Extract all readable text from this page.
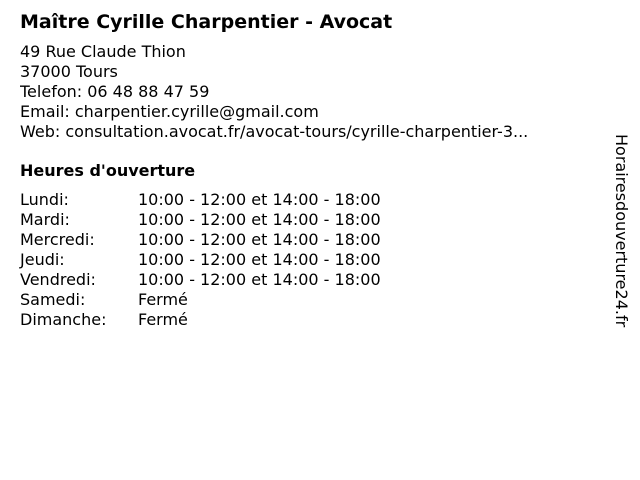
Maître Cyrille Charpentier - Avocat
49 Rue Claude Thion
37000 Tours
Telefon: 06 48 88 47 59
Email: charpentier.cyrille@gmail.com
Web: consultation.avocat.fr/avocat-tours/cyrille-charpentier-3...
Heures d'ouverture
Lundi:	10:00 - 12:00 et 14:00 - 18:00
Mardi:	10:00 - 12:00 et 14:00 - 18:00
Mercredi:	10:00 - 12:00 et 14:00 - 18:00
Jeudi:	10:00 - 12:00 et 14:00 - 18:00
Vendredi:	10:00 - 12:00 et 14:00 - 18:00
Samedi:	Fermé
Dimanche:	Fermé	Horairesdouverture24.fr
